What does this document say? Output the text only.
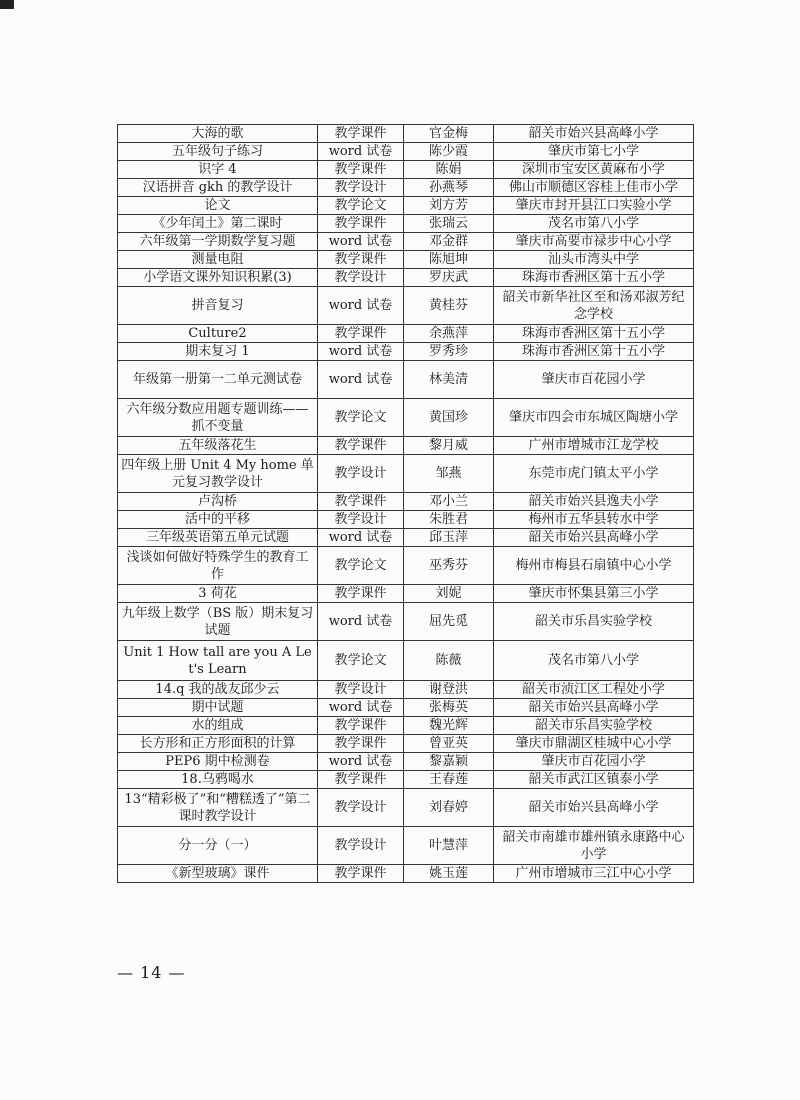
大海的歌	教学课件	官金梅	韶关市始兴县高峰小学
五年级句子练习	word 试卷	陈少霞	肇庆市第七小学
识字 4	教学课件	陈娟	深圳市宝安区黄麻布小学
汉语拼音 gkh 的教学设计	教学设计	孙燕琴	佛山市顺德区容桂上佳市小学
论文	教学论文	刘方芳	肇庆市封开县江口实验小学
《少年闰土》第二课时	教学课件	张瑞云	茂名市第八小学
六年级第一学期数学复习题	word 试卷	邓金群	肇庆市高要市禄步中心小学
测量电阻	教学课件	陈旭坤	汕头市湾头中学
小学语文课外知识积累(3)	教学设计	罗庆武	珠海市香洲区第十五小学
拼音复习	word 试卷	黄桂芬	韶关市新华社区至和汤邓淑芳纪念学校
Culture2	教学课件	余燕萍	珠海市香洲区第十五小学
期末复习 1	word 试卷	罗秀珍	珠海市香洲区第十五小学
年级第一册第一二单元测试卷	word 试卷	林美清	肇庆市百花园小学
六年级分数应用题专题训练——抓不变量	教学论文	黄国珍	肇庆市四会市东城区陶塘小学
五年级落花生	教学课件	黎月威	广州市增城市江龙学校
四年级上册 Unit 4 My home 单元复习教学设计	教学设计	邹燕	东莞市虎门镇太平小学
卢沟桥	教学课件	邓小兰	韶关市始兴县逸夫小学
活中的平移	教学设计	朱胜君	梅州市五华县转水中学
三年级英语第五单元试题	word 试卷	邱玉萍	韶关市始兴县高峰小学
浅谈如何做好特殊学生的教育工作	教学论文	巫秀芬	梅州市梅县石扇镇中心小学
3 荷花	教学课件	刘妮	肇庆市怀集县第三小学
九年级上数学（BS 版）期末复习试题	word 试卷	屈先觅	韶关市乐昌实验学校
Unit 1 How tall are you A Let's Learn	教学论文	陈薇	茂名市第八小学
14.q 我的战友邱少云	教学设计	谢登洪	韶关市浈江区工程处小学
期中试题	word 试卷	张梅英	韶关市始兴县高峰小学
水的组成	教学课件	魏光辉	韶关市乐昌实验学校
长方形和正方形面积的计算	教学课件	曾亚英	肇庆市鼎湖区桂城中心小学
PEP6 期中检测卷	word 试卷	黎嘉颖	肇庆市百花园小学
18.乌鸦喝水	教学课件	王春莲	韶关市武江区镇泰小学
13“精彩极了”和“糟糕透了”第二课时教学设计	教学设计	刘春婷	韶关市始兴县高峰小学
分一分（一）	教学设计	叶慧萍	韶关市南雄市雄州镇永康路中心小学
《新型玻璃》课件	教学课件	姚玉莲	广州市增城市三江中心小学
— 14 —
